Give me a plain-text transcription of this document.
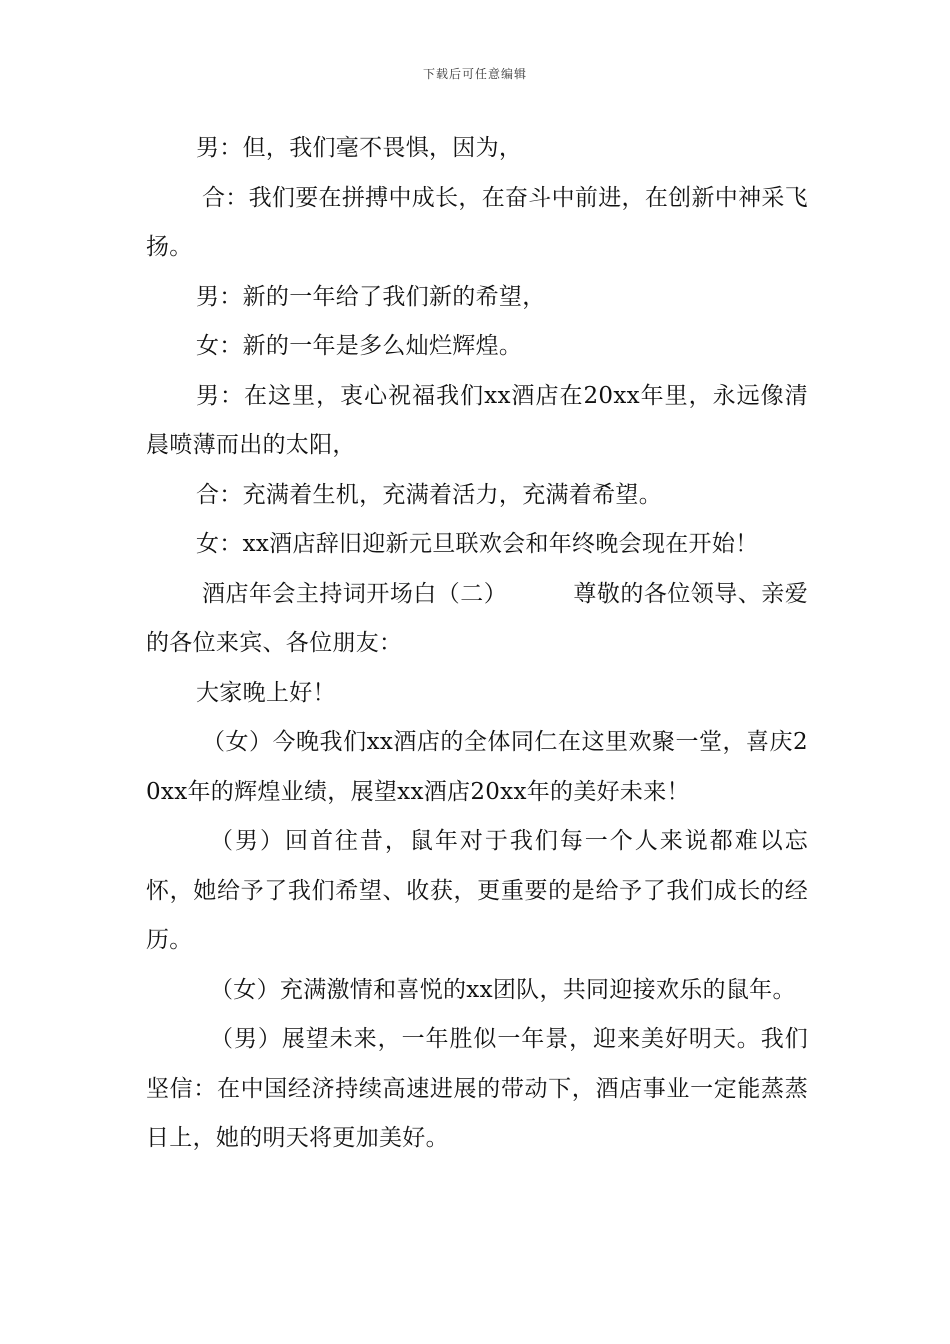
下载后可任意编辑

男：但，我们毫不畏惧，因为，

合：我们要在拼搏中成长，在奋斗中前进，在创新中神采飞扬。

男：新的一年给了我们新的希望，

女：新的一年是多么灿烂辉煌。

男：在这里，衷心祝福我们xx酒店在20xx年里，永远像清晨喷薄而出的太阳，

合：充满着生机，充满着活力，充满着希望。

女：xx酒店辞旧迎新元旦联欢会和年终晚会现在开始！

酒店年会主持词开场白（二）	尊敬的各位领导、亲爱的各位来宾、各位朋友：

大家晚上好！

（女）今晚我们xx酒店的全体同仁在这里欢聚一堂，喜庆20xx年的辉煌业绩，展望xx酒店20xx年的美好未来！

（男）回首往昔，鼠年对于我们每一个人来说都难以忘怀，她给予了我们希望、收获，更重要的是给予了我们成长的经历。

（女）充满激情和喜悦的xx团队，共同迎接欢乐的鼠年。

（男）展望未来，一年胜似一年景，迎来美好明天。我们坚信：在中国经济持续高速进展的带动下，酒店事业一定能蒸蒸日上，她的明天将更加美好。
